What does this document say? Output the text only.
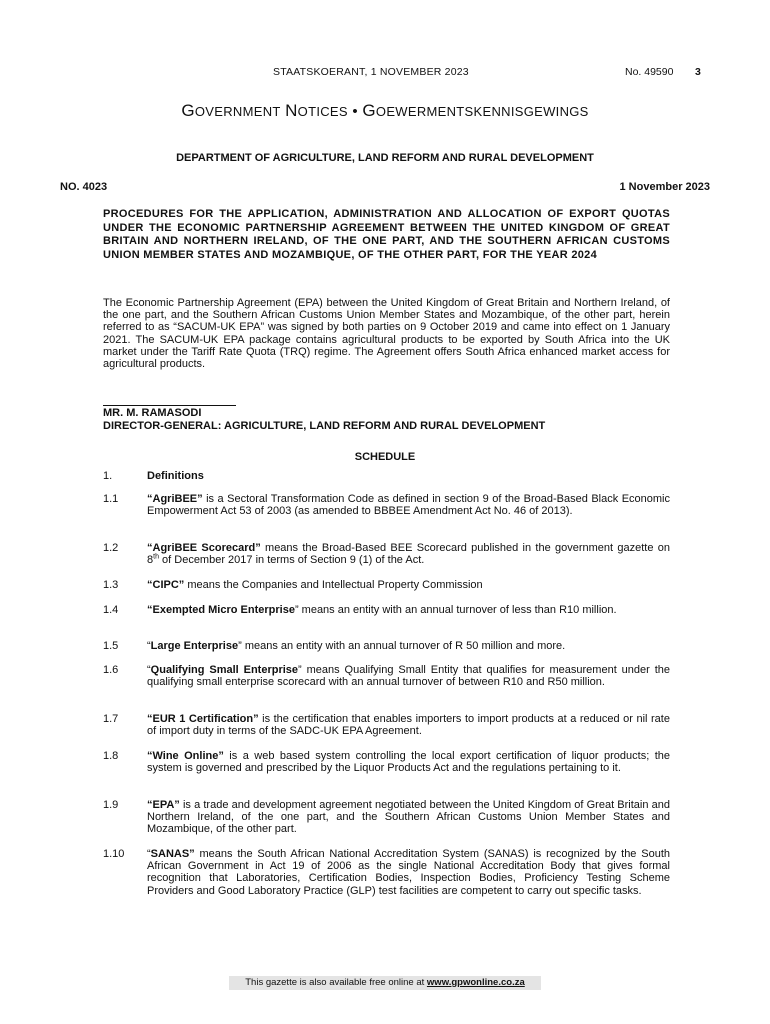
STAATSKOERANT, 1 NOVEMBER 2023	No. 49590 3
GOVERNMENT NOTICES • GOEWERMENTSKENNISGEWINGS
DEPARTMENT OF AGRICULTURE, LAND REFORM AND RURAL DEVELOPMENT
NO. 4023	1 November 2023
PROCEDURES FOR THE APPLICATION, ADMINISTRATION AND ALLOCATION OF EXPORT QUOTAS UNDER THE ECONOMIC PARTNERSHIP AGREEMENT BETWEEN THE UNITED KINGDOM OF GREAT BRITAIN AND NORTHERN IRELAND, OF THE ONE PART, AND THE SOUTHERN AFRICAN CUSTOMS UNION MEMBER STATES AND MOZAMBIQUE, OF THE OTHER PART, FOR THE YEAR 2024
The Economic Partnership Agreement (EPA) between the United Kingdom of Great Britain and Northern Ireland, of the one part, and the Southern African Customs Union Member States and Mozambique, of the other part, herein referred to as “SACUM-UK EPA” was signed by both parties on 9 October 2019 and came into effect on 1 January 2021. The SACUM-UK EPA package contains agricultural products to be exported by South Africa into the UK market under the Tariff Rate Quota (TRQ) regime. The Agreement offers South Africa enhanced market access for agricultural products.
MR. M. RAMASODI
DIRECTOR-GENERAL: AGRICULTURE, LAND REFORM AND RURAL DEVELOPMENT
SCHEDULE
1.	Definitions
1.1	“AgriBEE” is a Sectoral Transformation Code as defined in section 9 of the Broad-Based Black Economic Empowerment Act 53 of 2003 (as amended to BBBEE Amendment Act No. 46 of 2013).
1.2	“AgriBEE Scorecard” means the Broad-Based BEE Scorecard published in the government gazette on 8th of December 2017 in terms of Section 9 (1) of the Act.
1.3	“CIPC” means the Companies and Intellectual Property Commission
1.4	“Exempted Micro Enterprise” means an entity with an annual turnover of less than R10 million.
1.5	“Large Enterprise” means an entity with an annual turnover of R 50 million and more.
1.6	“Qualifying Small Enterprise” means Qualifying Small Entity that qualifies for measurement under the qualifying small enterprise scorecard with an annual turnover of between R10 and R50 million.
1.7	“EUR 1 Certification” is the certification that enables importers to import products at a reduced or nil rate of import duty in terms of the SADC-UK EPA Agreement.
1.8	“Wine Online” is a web based system controlling the local export certification of liquor products; the system is governed and prescribed by the Liquor Products Act and the regulations pertaining to it.
1.9	“EPA” is a trade and development agreement negotiated between the United Kingdom of Great Britain and Northern Ireland, of the one part, and the Southern African Customs Union Member States and Mozambique, of the other part.
1.10 “SANAS” means the South African National Accreditation System (SANAS) is recognized by the South African Government in Act 19 of 2006 as the single National Accreditation Body that gives formal recognition that Laboratories, Certification Bodies, Inspection Bodies, Proficiency Testing Scheme Providers and Good Laboratory Practice (GLP) test facilities are competent to carry out specific tasks.
This gazette is also available free online at www.gpwonline.co.za
